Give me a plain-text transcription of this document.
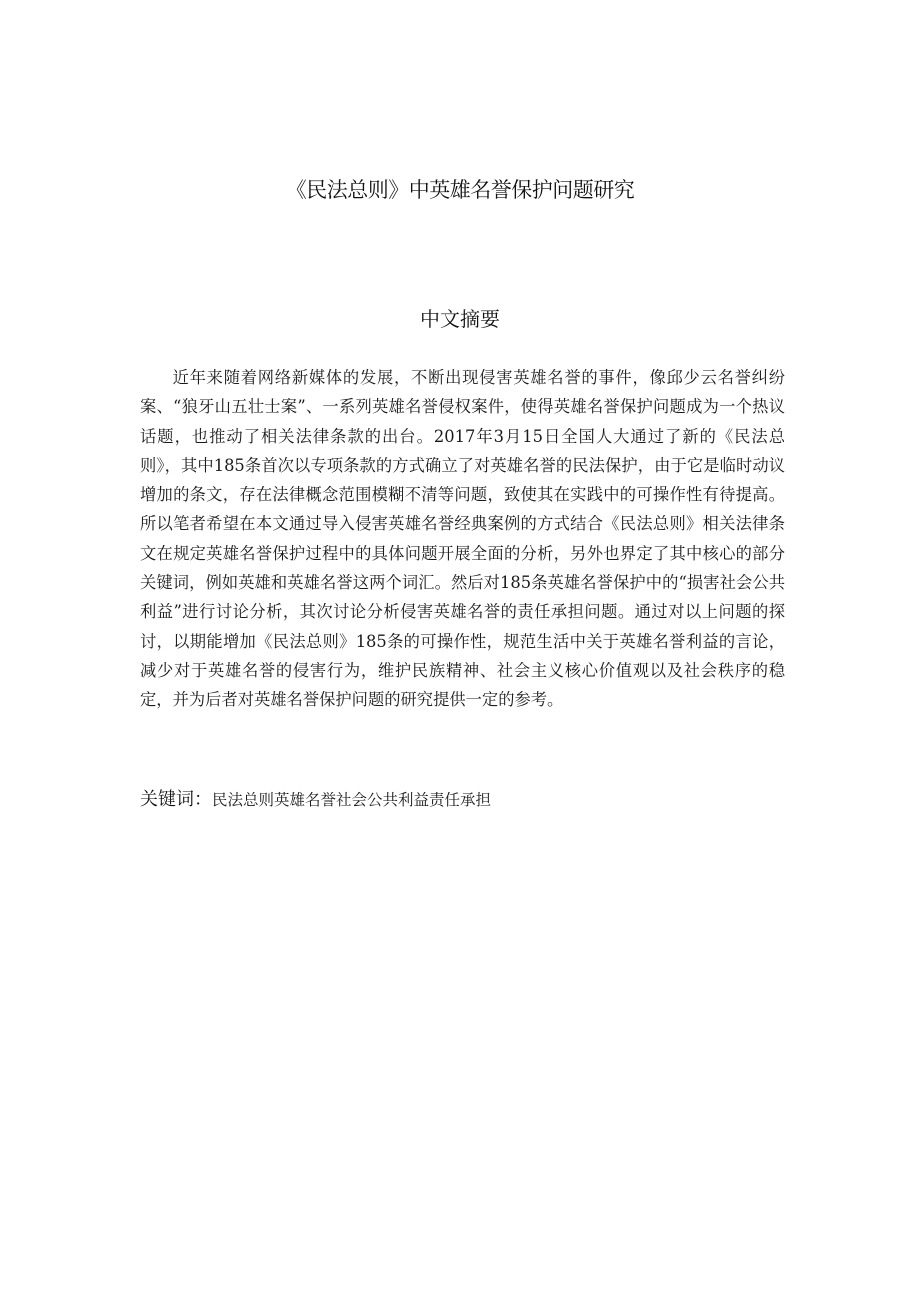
《民法总则》中英雄名誉保护问题研究
中文摘要

近年来随着网络新媒体的发展，不断出现侵害英雄名誉的事件，像邱少云名誉纠纷案、“狼牙山五壮士案”、一系列英雄名誉侵权案件，使得英雄名誉保护问题成为一个热议话题，也推动了相关法律条款的出台。2017年3月15日全国人大通过了新的《民法总则》，其中185条首次以专项条款的方式确立了对英雄名誉的民法保护，由于它是临时动议增加的条文，存在法律概念范围模糊不清等问题，致使其在实践中的可操作性有待提高。所以笔者希望在本文通过导入侵害英雄名誉经典案例的方式结合《民法总则》相关法律条文在规定英雄名誉保护过程中的具体问题开展全面的分析，另外也界定了其中核心的部分关键词，例如英雄和英雄名誉这两个词汇。然后对185条英雄名誉保护中的“损害社会公共利益”进行讨论分析，其次讨论分析侵害英雄名誉的责任承担问题。通过对以上问题的探讨，以期能增加《民法总则》185条的可操作性，规范生活中关于英雄名誉利益的言论，减少对于英雄名誉的侵害行为，维护民族精神、社会主义核心价值观以及社会秩序的稳定，并为后者对英雄名誉保护问题的研究提供一定的参考。

关键词：民法总则英雄名誉社会公共利益责任承担
